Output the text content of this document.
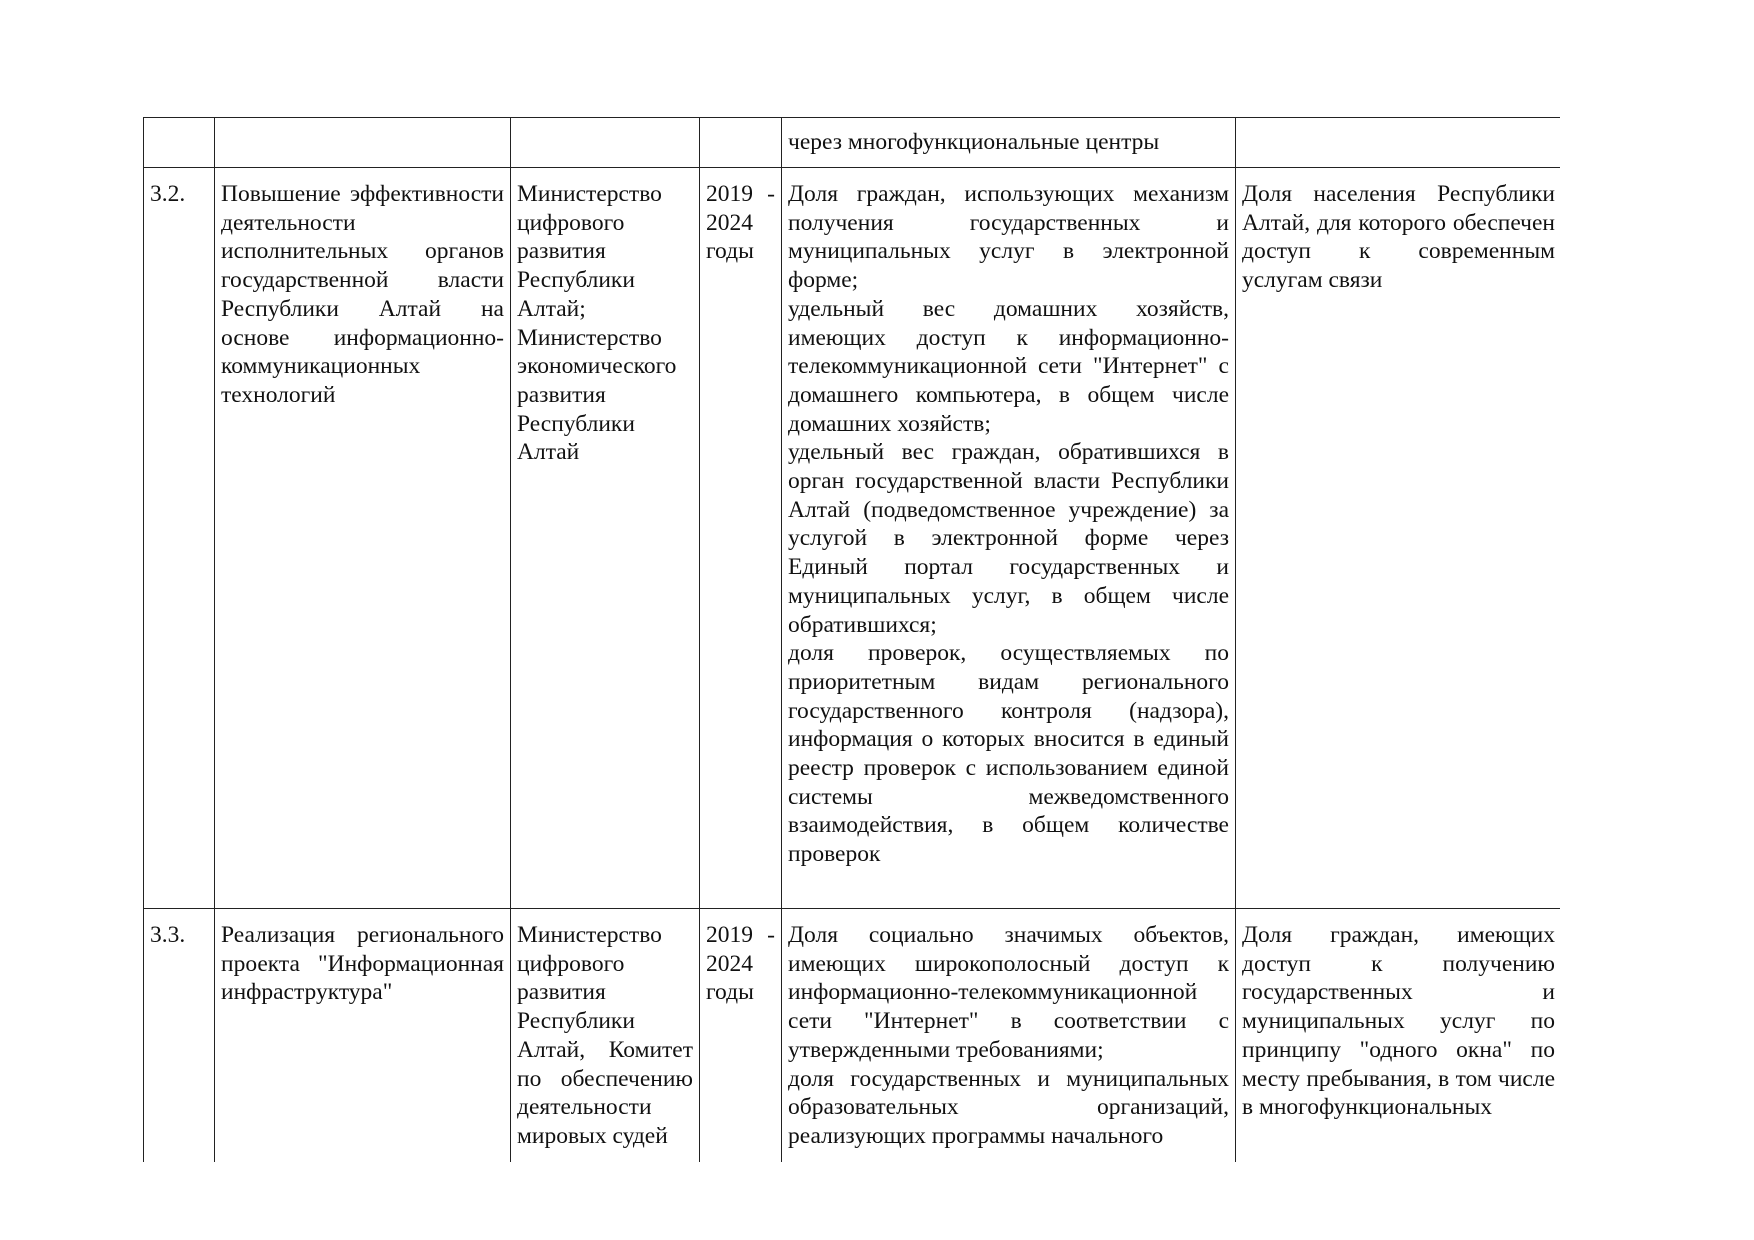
				через многофункциональные центры	
3.2.	Повышение эффективности деятельности исполнительных органов государственной власти Республики Алтай на основе информационно-коммуникационных технологий	Министерство цифрового развития Республики Алтай; Министерство экономического развития Республики Алтай	2019 - 2024 годы	Доля граждан, использующих механизм получения государственных и муниципальных услуг в электронной форме;
удельный вес домашних хозяйств, имеющих доступ к информационно-телекоммуникационной сети "Интернет" с домашнего компьютера, в общем числе домашних хозяйств;
удельный вес граждан, обратившихся в орган государственной власти Республики Алтай (подведомственное учреждение) за услугой в электронной форме через Единый портал государственных и муниципальных услуг, в общем числе обратившихся;
доля проверок, осуществляемых по приоритетным видам регионального государственного контроля (надзора), информация о которых вносится в единый реестр проверок с использованием единой системы межведомственного взаимодействия, в общем количестве проверок	Доля населения Республики Алтай, для которого обеспечен доступ к современным услугам связи

3.3.	Реализация регионального проекта "Информационная инфраструктура"	Министерство цифрового развития Республики Алтай, Комитет по обеспечению деятельности мировых судей	2019 - 2024 годы	Доля социально значимых объектов, имеющих широкополосный доступ к информационно-телекоммуникационной сети "Интернет" в соответствии с утвержденными требованиями;
доля государственных и муниципальных образовательных организаций, реализующих программы начального	Доля граждан, имеющих доступ к получению государственных и муниципальных услуг по принципу "одного окна" по месту пребывания, в том числе в многофункциональных
